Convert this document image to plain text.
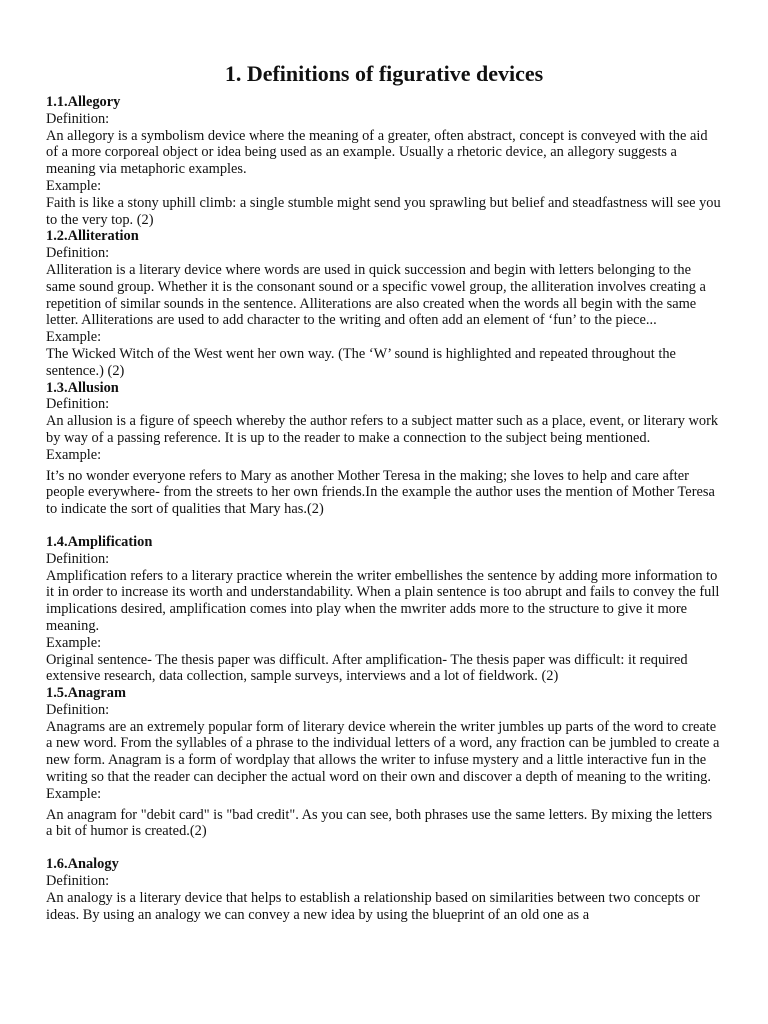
1. Definitions of figurative devices

1.1.Allegory

Definition:

An allegory is a symbolism device where the meaning of a greater, often abstract, concept is conveyed with the aid of a more corporeal object or idea being used as an example. Usually a rhetoric device, an allegory suggests a meaning via metaphoric examples.

Example:

Faith is like a stony uphill climb: a single stumble might send you sprawling but belief and steadfastness will see you to the very top. (2)

1.2.Alliteration

Definition:

Alliteration is a literary device where words are used in quick succession and begin with letters belonging to the same sound group. Whether it is the consonant sound or a specific vowel group, the alliteration involves creating a repetition of similar sounds in the sentence. Alliterations are also created when the words all begin with the same letter. Alliterations are used to add character to the writing and often add an element of ‘fun’ to the piece...

Example:

The Wicked Witch of the West went her own way. (The ‘W’ sound is highlighted and repeated throughout the sentence.) (2)

1.3.Allusion

Definition:

An allusion is a figure of speech whereby the author refers to a subject matter such as a place, event, or literary work by way of a passing reference. It is up to the reader to make a connection to the subject being mentioned.

Example:

It’s no wonder everyone refers to Mary as another Mother Teresa in the making; she loves to help and care after people everywhere- from the streets to her own friends.In the example the author uses the mention of Mother Teresa to indicate the sort of qualities that Mary has.(2)

1.4.Amplification

Definition:

Amplification refers to a literary practice wherein the writer embellishes the sentence by adding more information to it in order to increase its worth and understandability. When a plain sentence is too abrupt and fails to convey the full implications desired, amplification comes into play when the mwriter adds more to the structure to give it more meaning.

Example:

Original sentence- The thesis paper was difficult. After amplification- The thesis paper was difficult: it required extensive research, data collection, sample surveys, interviews and a lot of fieldwork. (2)

1.5.Anagram

Definition:

Anagrams are an extremely popular form of literary device wherein the writer jumbles up parts of the word to create a new word. From the syllables of a phrase to the individual letters of a word, any fraction can be jumbled to create a new form. Anagram is a form of wordplay that allows the writer to infuse mystery and a little interactive fun in the writing so that the reader can decipher the actual word on their own and discover a depth of meaning to the writing.

Example:

An anagram for "debit card" is "bad credit". As you can see, both phrases use the same letters. By mixing the letters a bit of humor is created.(2)

1.6.Analogy

Definition:

An analogy is a literary device that helps to establish a relationship based on similarities between two concepts or ideas. By using an analogy we can convey a new idea by using the blueprint of an old one as a
